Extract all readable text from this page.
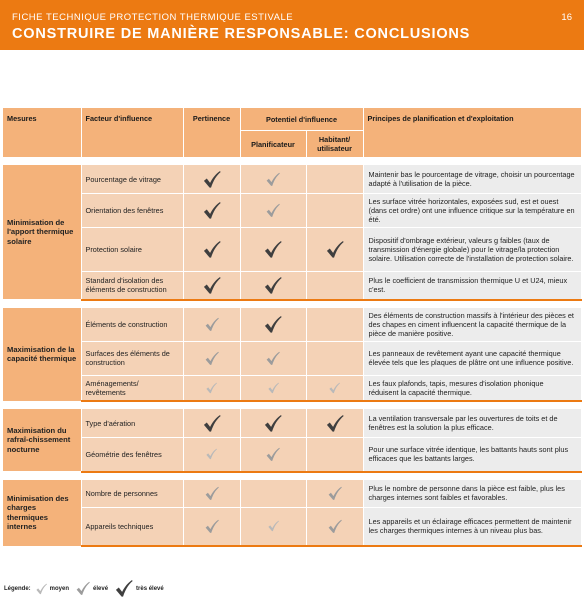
FICHE TECHNIQUE PROTECTION THERMIQUE ESTIVALE	16
CONSTRUIRE DE MANIÈRE RESPONSABLE: CONCLUSIONS
Mesures	Facteur d'influence	Pertinence	Potentiel d'influence		Principes de planification et d'exploitation
			Planificateur	Habitant/ utilisateur	

Minimisation de l'apport thermique solaire	Pourcentage de vitrage				Maintenir bas le pourcentage de vitrage, choisir un pourcentage adapté à l'utilisation de la pièce.
	Orientation des fenêtres				Les surface vitrée horizontales, exposées sud, est et ouest (dans cet ordre) ont une influence critique sur la température en été.
	Protection solaire				Dispositif d'ombrage extérieur, valeurs g faibles (taux de transmission d'énergie globale) pour le vitrage/la protection solaire. Utilisation correcte de l'installation de protection solaire.
	Standard d'isolation des éléments de construction				Plus le coefficient de transmission thermique U et U24, mieux c'est.

Maximisation de la capacité thermique	Éléments de construction				Des éléments de construction massifs à l'intérieur des pièces et des chapes en ciment influencent la capacité thermique de la pièce de manière positive.
	Surfaces des éléments de construction				Les panneaux de revêtement ayant une capacité thermique élevée tels que les plaques de plâtre ont une influence positive.
	Aménagements/ revêtements				Les faux plafonds, tapis, mesures d'isolation phonique réduisent la capacité thermique.

Maximisation du rafraî-chissement nocturne	Type d'aération				La ventilation transversale par les ouvertures de toits et de fenêtres est la solution la plus efficace.
	Géométrie des fenêtres				Pour une surface vitrée identique, les battants hauts sont plus efficaces que les battants larges.

Minimisation des charges thermiques internes	Nombre de personnes				Plus le nombre de personne dans la pièce est faible, plus les charges internes sont faibles et favorables.
	Appareils techniques				Les appareils et un éclairage efficaces permettent de maintenir les charges thermiques internes à un niveau plus bas.
Légende:	moyen	élevé	très élevé
